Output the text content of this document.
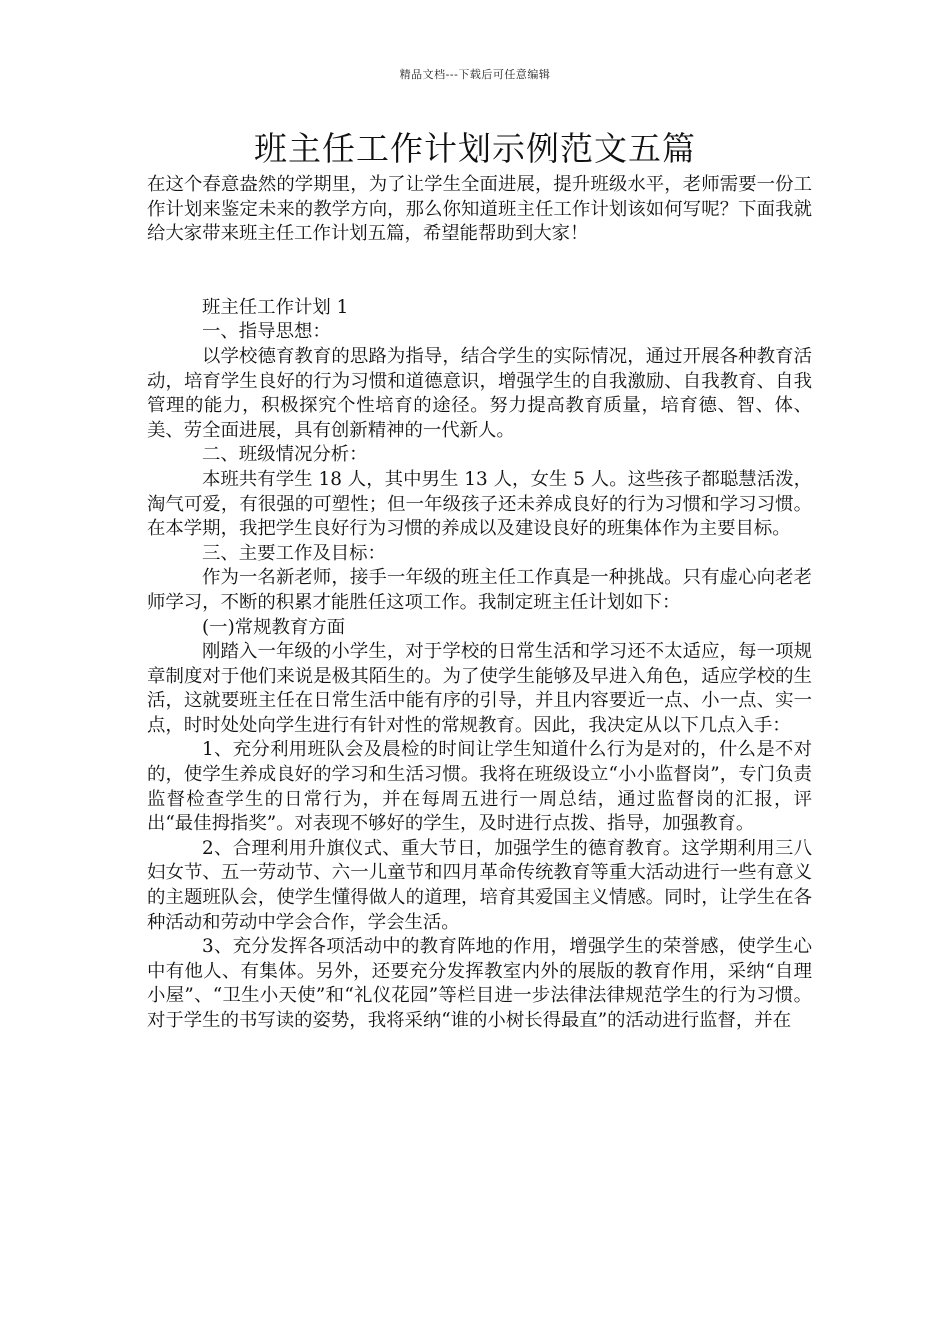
精品文档---下载后可任意编辑
班主任工作计划示例范文五篇

在这个春意盎然的学期里，为了让学生全面进展，提升班级水平，老师需要一份工作计划来鉴定未来的教学方向，那么你知道班主任工作计划该如何写呢？下面我就给大家带来班主任工作计划五篇，希望能帮助到大家！

班主任工作计划 1

一、指导思想：

以学校德育教育的思路为指导，结合学生的实际情况，通过开展各种教育活动，培育学生良好的行为习惯和道德意识，增强学生的自我激励、自我教育、自我管理的能力，积极探究个性培育的途径。努力提高教育质量，培育德、智、体、美、劳全面进展，具有创新精神的一代新人。

二、班级情况分析：

本班共有学生 18 人，其中男生 13 人，女生 5 人。这些孩子都聪慧活泼，淘气可爱，有很强的可塑性；但一年级孩子还未养成良好的行为习惯和学习习惯。在本学期，我把学生良好行为习惯的养成以及建设良好的班集体作为主要目标。

三、主要工作及目标：

作为一名新老师，接手一年级的班主任工作真是一种挑战。只有虚心向老老师学习，不断的积累才能胜任这项工作。我制定班主任计划如下：

(一)常规教育方面

刚踏入一年级的小学生，对于学校的日常生活和学习还不太适应，每一项规章制度对于他们来说是极其陌生的。为了使学生能够及早进入角色，适应学校的生活，这就要班主任在日常生活中能有序的引导，并且内容要近一点、小一点、实一点，时时处处向学生进行有针对性的常规教育。因此，我决定从以下几点入手：

1、充分利用班队会及晨检的时间让学生知道什么行为是对的，什么是不对的，使学生养成良好的学习和生活习惯。我将在班级设立“小小监督岗”，专门负责监督检查学生的日常行为，并在每周五进行一周总结，通过监督岗的汇报，评出“最佳拇指奖”。对表现不够好的学生，及时进行点拨、指导，加强教育。

2、合理利用升旗仪式、重大节日，加强学生的德育教育。这学期利用三八妇女节、五一劳动节、六一儿童节和四月革命传统教育等重大活动进行一些有意义的主题班队会，使学生懂得做人的道理，培育其爱国主义情感。同时，让学生在各种活动和劳动中学会合作，学会生活。

3、充分发挥各项活动中的教育阵地的作用，增强学生的荣誉感，使学生心中有他人、有集体。另外，还要充分发挥教室内外的展版的教育作用，采纳“自理小屋”、“卫生小天使”和“礼仪花园”等栏目进一步法律法律规范学生的行为习惯。对于学生的书写读的姿势，我将采纳“谁的小树长得最直”的活动进行监督，并在
